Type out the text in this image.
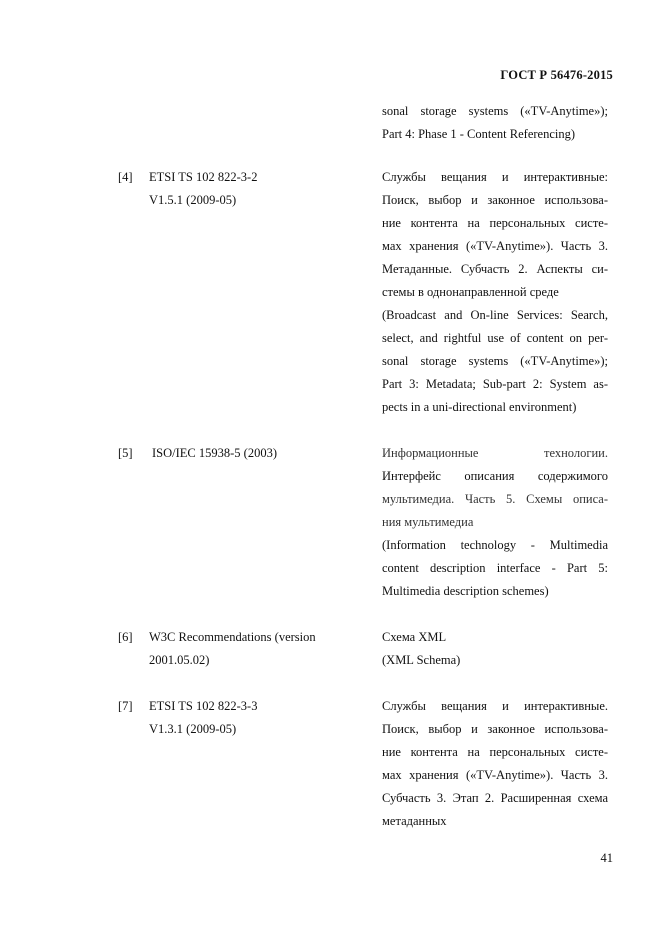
ГОСТ Р 56476-2015
sonal storage systems («TV-Anytime»);
Part 4: Phase 1 - Content Referencing)
[4] ETSI TS 102 822-3-2
V1.5.1 (2009-05)
Службы вещания и интерактивные:
Поиск, выбор и законное использова-
ние контента на персональных систе-
мах хранения («TV-Anytime»). Часть 3.
Метаданные. Субчасть 2. Аспекты си-
стемы в однонаправленной среде
(Broadcast and On-line Services: Search,
select, and rightful use of content on per-
sonal storage systems («TV-Anytime»);
Part 3: Metadata; Sub-part 2: System as-
pects in a uni-directional environment)
[5] ISO/IEC 15938-5 (2003)	Информационные технологии.
Интерфейс описания содержимого
мультимедиа. Часть 5. Схемы описа-
ния мультимедиа
(Information technology - Multimedia
content description interface - Part 5:
Multimedia description schemes)
[6] W3C Recommendations (version
2001.05.02)
Схема XML
(XML Schema)
[7] ETSI TS 102 822-3-3
V1.3.1 (2009-05)
Службы вещания и интерактивные.
Поиск, выбор и законное использова-
ние контента на персональных систе-
мах хранения («TV-Anytime»). Часть 3.
Субчасть 3. Этап 2. Расширенная схема
метаданных
41
